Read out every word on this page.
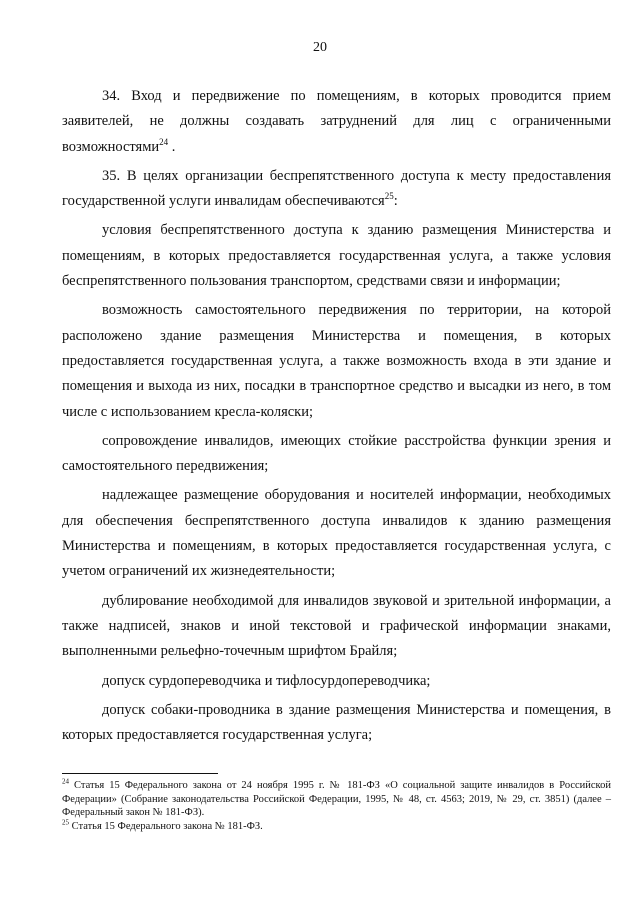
20

34. Вход и передвижение по помещениям, в которых проводится прием заявителей, не должны создавать затруднений для лиц с ограниченными возможностями$^{24}$ .

35. В целях организации беспрепятственного доступа к месту предоставления государственной услуги инвалидам обеспечиваются$^{25}$:

условия беспрепятственного доступа к зданию размещения Министерства и помещениям, в которых предоставляется государственная услуга, а также условия беспрепятственного пользования транспортом, средствами связи и информации;

возможность самостоятельного передвижения по территории, на которой расположено здание размещения Министерства и помещения, в которых предоставляется государственная услуга, а также возможность входа в эти здание и помещения и выхода из них, посадки в транспортное средство и высадки из него, в том числе с использованием кресла-коляски;

сопровождение инвалидов, имеющих стойкие расстройства функции зрения и самостоятельного передвижения;

надлежащее размещение оборудования и носителей информации, необходимых для обеспечения беспрепятственного доступа инвалидов к зданию размещения Министерства и помещениям, в которых предоставляется государственная услуга, с учетом ограничений их жизнедеятельности;

дублирование необходимой для инвалидов звуковой и зрительной информации, а также надписей, знаков и иной текстовой и графической информации знаками, выполненными рельефно-точечным шрифтом Брайля;

допуск сурдопереводчика и тифлосурдопереводчика;

допуск собаки-проводника в здание размещения Министерства и помещения, в которых предоставляется государственная услуга;

$^{24}$ Статья 15 Федерального закона от 24 ноября 1995 г. № 181-ФЗ «О социальной защите инвалидов в Российской Федерации» (Собрание законодательства Российской Федерации, 1995, № 48, ст. 4563; 2019, № 29, ст. 3851) (далее – Федеральный закон № 181-ФЗ).

$^{25}$ Статья 15 Федерального закона № 181-ФЗ.
